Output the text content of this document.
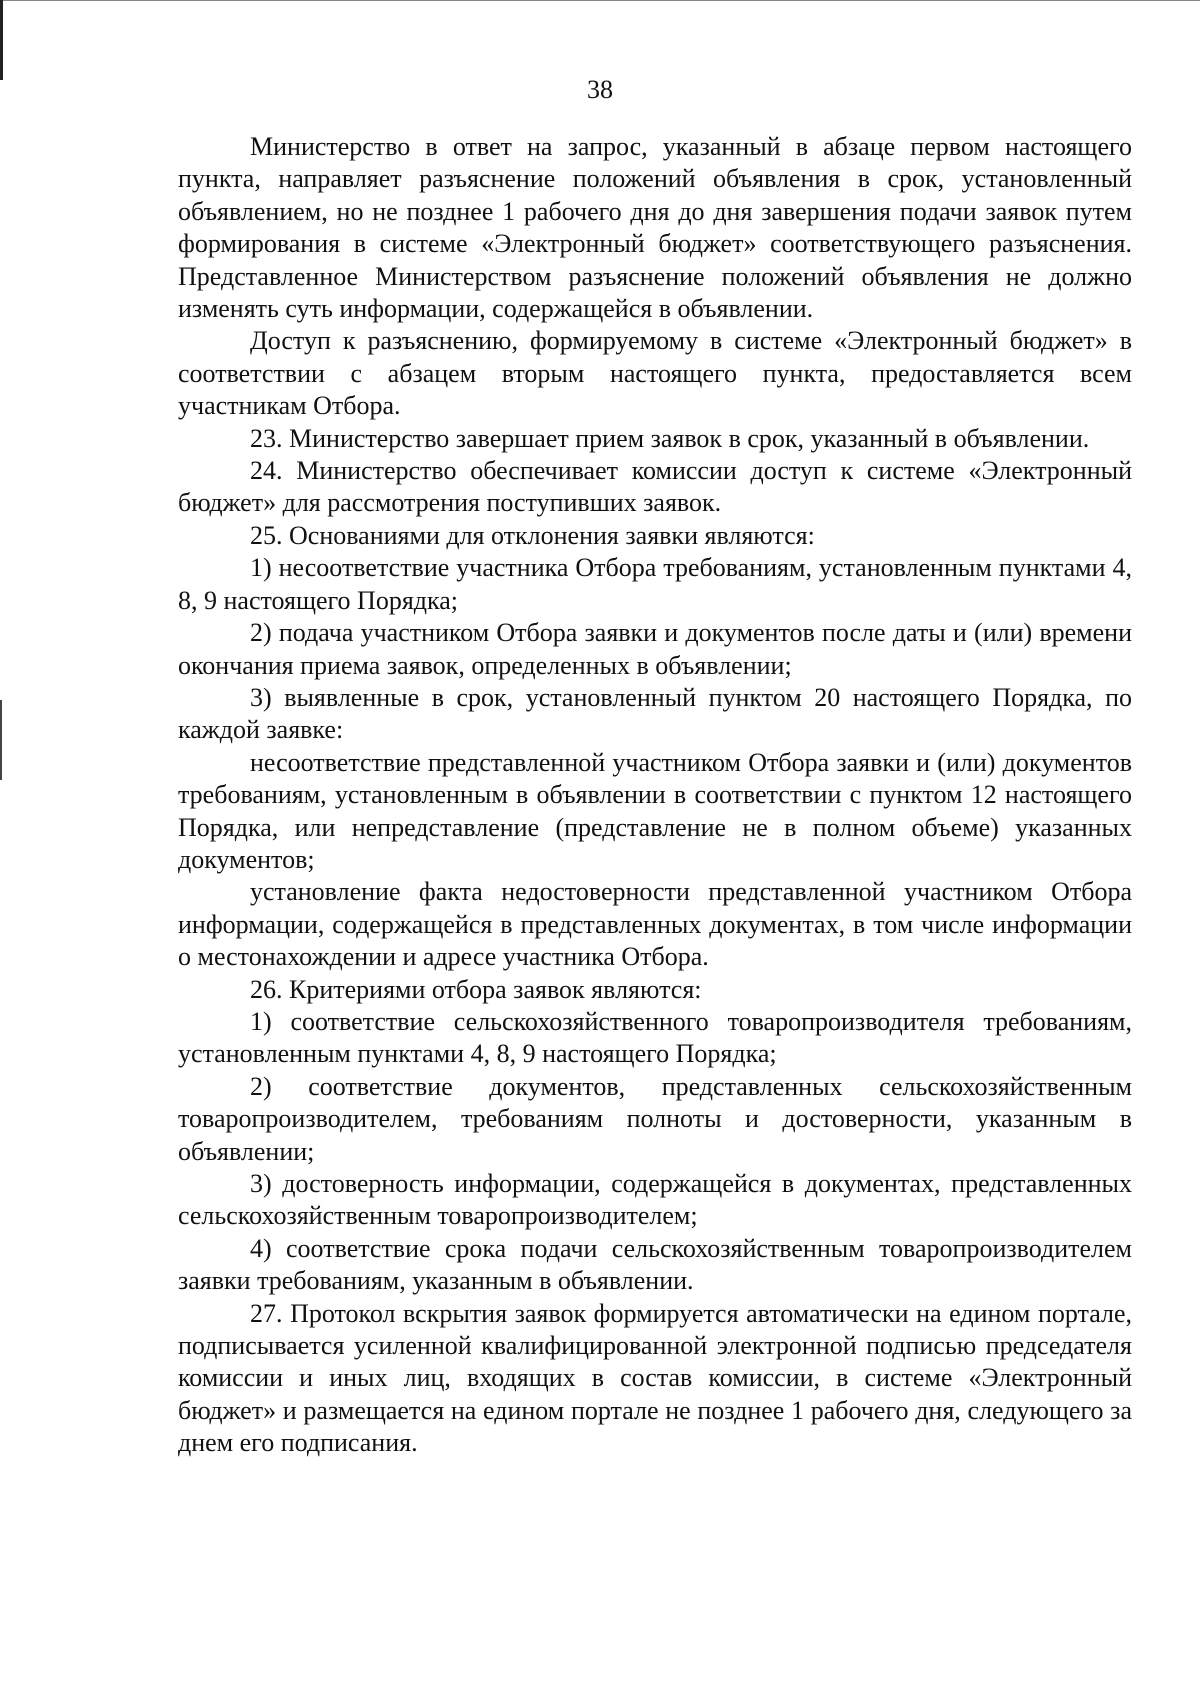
38

Министерство в ответ на запрос, указанный в абзаце первом настоящего пункта, направляет разъяснение положений объявления в срок, установленный объявлением, но не позднее 1 рабочего дня до дня завершения подачи заявок путем формирования в системе «Электронный бюджет» соответствующего разъяснения. Представленное Министерством разъяснение положений объявления не должно изменять суть информации, содержащейся в объявлении.

Доступ к разъяснению, формируемому в системе «Электронный бюджет» в соответствии с абзацем вторым настоящего пункта, предоставляется всем участникам Отбора.

23. Министерство завершает прием заявок в срок, указанный в объявлении.

24. Министерство обеспечивает комиссии доступ к системе «Электронный бюджет» для рассмотрения поступивших заявок.

25. Основаниями для отклонения заявки являются:

1) несоответствие участника Отбора требованиям, установленным пунктами 4, 8, 9 настоящего Порядка;

2) подача участником Отбора заявки и документов после даты и (или) времени окончания приема заявок, определенных в объявлении;

3) выявленные в срок, установленный пунктом 20 настоящего Порядка, по каждой заявке:

несоответствие представленной участником Отбора заявки и (или) документов требованиям, установленным в объявлении в соответствии с пунктом 12 настоящего Порядка, или непредставление (представление не в полном объеме) указанных документов;

установление факта недостоверности представленной участником Отбора информации, содержащейся в представленных документах, в том числе информации о местонахождении и адресе участника Отбора.

26. Критериями отбора заявок являются:

1) соответствие сельскохозяйственного товаропроизводителя требованиям, установленным пунктами 4, 8, 9 настоящего Порядка;

2) соответствие документов, представленных сельскохозяйственным товаропроизводителем, требованиям полноты и достоверности, указанным в объявлении;

3) достоверность информации, содержащейся в документах, представленных сельскохозяйственным товаропроизводителем;

4) соответствие срока подачи сельскохозяйственным товаропроизводителем заявки требованиям, указанным в объявлении.

27. Протокол вскрытия заявок формируется автоматически на едином портале, подписывается усиленной квалифицированной электронной подписью председателя комиссии и иных лиц, входящих в состав комиссии, в системе «Электронный бюджет» и размещается на едином портале не позднее 1 рабочего дня, следующего за днем его подписания.
